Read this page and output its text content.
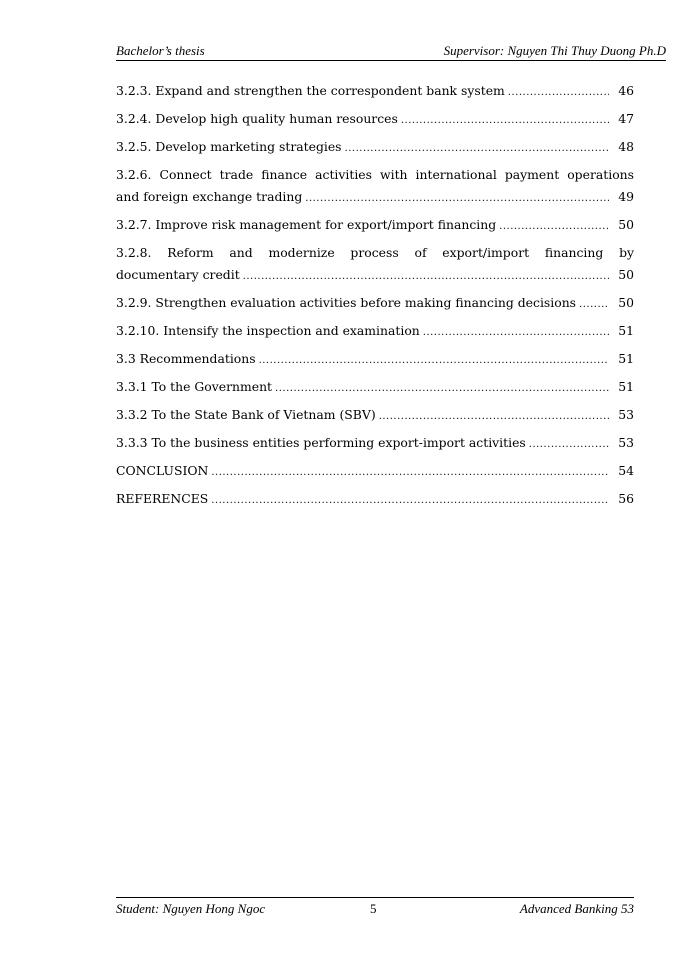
Bachelor’s thesis	Supervisor: Nguyen Thi Thuy Duong Ph.D
3.2.3. Expand and strengthen the correspondent bank system .....	46
3.2.4. Develop high quality human resources .....	47
3.2.5. Develop marketing strategies .....	48
3.2.6. Connect trade finance activities with international payment operations
and foreign exchange trading .....	49
3.2.7. Improve risk management for export/import financing .....	50
3.2.8. Reform and modernize process of export/import financing by
documentary credit .....	50
3.2.9. Strengthen evaluation activities before making financing decisions .....	50
3.2.10. Intensify the inspection and examination .....	51
3.3 Recommendations .....	51
3.3.1 To the Government .....	51
3.3.2 To the State Bank of Vietnam (SBV) .....	53
3.3.3 To the business entities performing export-import activities .....	53
CONCLUSION .....	54
REFERENCES .....	56
Student: Nguyen Hong Ngoc	5	Advanced Banking 53
